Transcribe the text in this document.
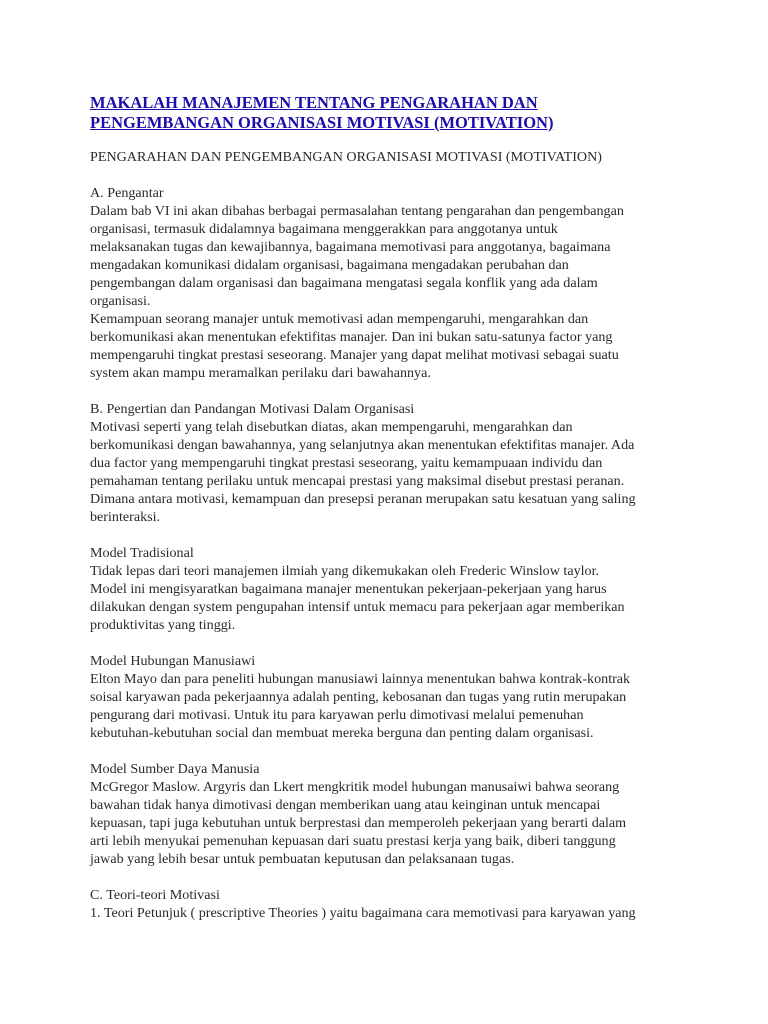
MAKALAH MANAJEMEN TENTANG PENGARAHAN DAN
PENGEMBANGAN ORGANISASI MOTIVASI (MOTIVATION)
PENGARAHAN DAN PENGEMBANGAN ORGANISASI MOTIVASI (MOTIVATION)
A. Pengantar
Dalam bab VI ini akan dibahas berbagai permasalahan tentang pengarahan dan pengembangan
organisasi, termasuk didalamnya bagaimana menggerakkan para anggotanya untuk
melaksanakan tugas dan kewajibannya, bagaimana memotivasi para anggotanya, bagaimana
mengadakan komunikasi didalam organisasi, bagaimana mengadakan perubahan dan
pengembangan dalam organisasi dan bagaimana mengatasi segala konflik yang ada dalam
organisasi.
Kemampuan seorang manajer untuk memotivasi adan mempengaruhi, mengarahkan dan
berkomunikasi akan menentukan efektifitas manajer. Dan ini bukan satu-satunya factor yang
mempengaruhi tingkat prestasi seseorang. Manajer yang dapat melihat motivasi sebagai suatu
system akan mampu meramalkan perilaku dari bawahannya.
B. Pengertian dan Pandangan Motivasi Dalam Organisasi
Motivasi seperti yang telah disebutkan diatas, akan mempengaruhi, mengarahkan dan
berkomunikasi dengan bawahannya, yang selanjutnya akan menentukan efektifitas manajer. Ada
dua factor yang mempengaruhi tingkat prestasi seseorang, yaitu kemampuaan individu dan
pemahaman tentang perilaku untuk mencapai prestasi yang maksimal disebut prestasi peranan.
Dimana antara motivasi, kemampuan dan presepsi peranan merupakan satu kesatuan yang saling
berinteraksi.
Model Tradisional
Tidak lepas dari teori manajemen ilmiah yang dikemukakan oleh Frederic Winslow taylor.
Model ini mengisyaratkan bagaimana manajer menentukan pekerjaan-pekerjaan yang harus
dilakukan dengan system pengupahan intensif untuk memacu para pekerjaan agar memberikan
produktivitas yang tinggi.
Model Hubungan Manusiawi
Elton Mayo dan para peneliti hubungan manusiawi lainnya menentukan bahwa kontrak-kontrak
soisal karyawan pada pekerjaannya adalah penting, kebosanan dan tugas yang rutin merupakan
pengurang dari motivasi. Untuk itu para karyawan perlu dimotivasi melalui pemenuhan
kebutuhan-kebutuhan social dan membuat mereka berguna dan penting dalam organisasi.
Model Sumber Daya Manusia
McGregor Maslow. Argyris dan Lkert mengkritik model hubungan manusaiwi bahwa seorang
bawahan tidak hanya dimotivasi dengan memberikan uang atau keinginan untuk mencapai
kepuasan, tapi juga kebutuhan untuk berprestasi dan memperoleh pekerjaan yang berarti dalam
arti lebih menyukai pemenuhan kepuasan dari suatu prestasi kerja yang baik, diberi tanggung
jawab yang lebih besar untuk pembuatan keputusan dan pelaksanaan tugas.
C. Teori-teori Motivasi
1. Teori Petunjuk ( prescriptive Theories ) yaitu bagaimana cara memotivasi para karyawan yang
